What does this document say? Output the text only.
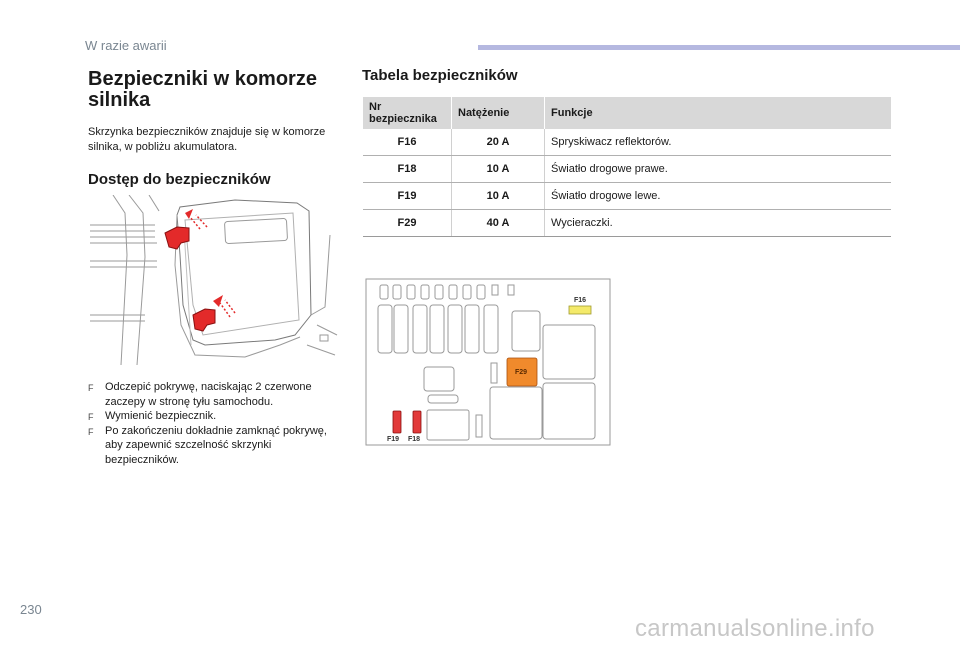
W razie awarii
Bezpieczniki w komorze silnika

Skrzynka bezpieczników znajduje się w komorze silnika, w pobliżu akumulatora.

Dostęp do bezpieczników
F Odczepić pokrywę, naciskając 2 czerwone zaczepy w stronę tyłu samochodu.
F Wymienić bezpiecznik.
F Po zakończeniu dokładnie zamknąć pokrywę, aby zapewnić szczelność skrzynki bezpieczników.
Tabela bezpieczników
Nr bezpiecznika	Natężenie	Funkcje
F16	20 A	Spryskiwacz reflektorów.
F18	10 A	Światło drogowe prawe.
F19	10 A	Światło drogowe lewe.
F29	40 A	Wycieraczki.
F16
F29
F19 F18
230
carmanualsonline.info
